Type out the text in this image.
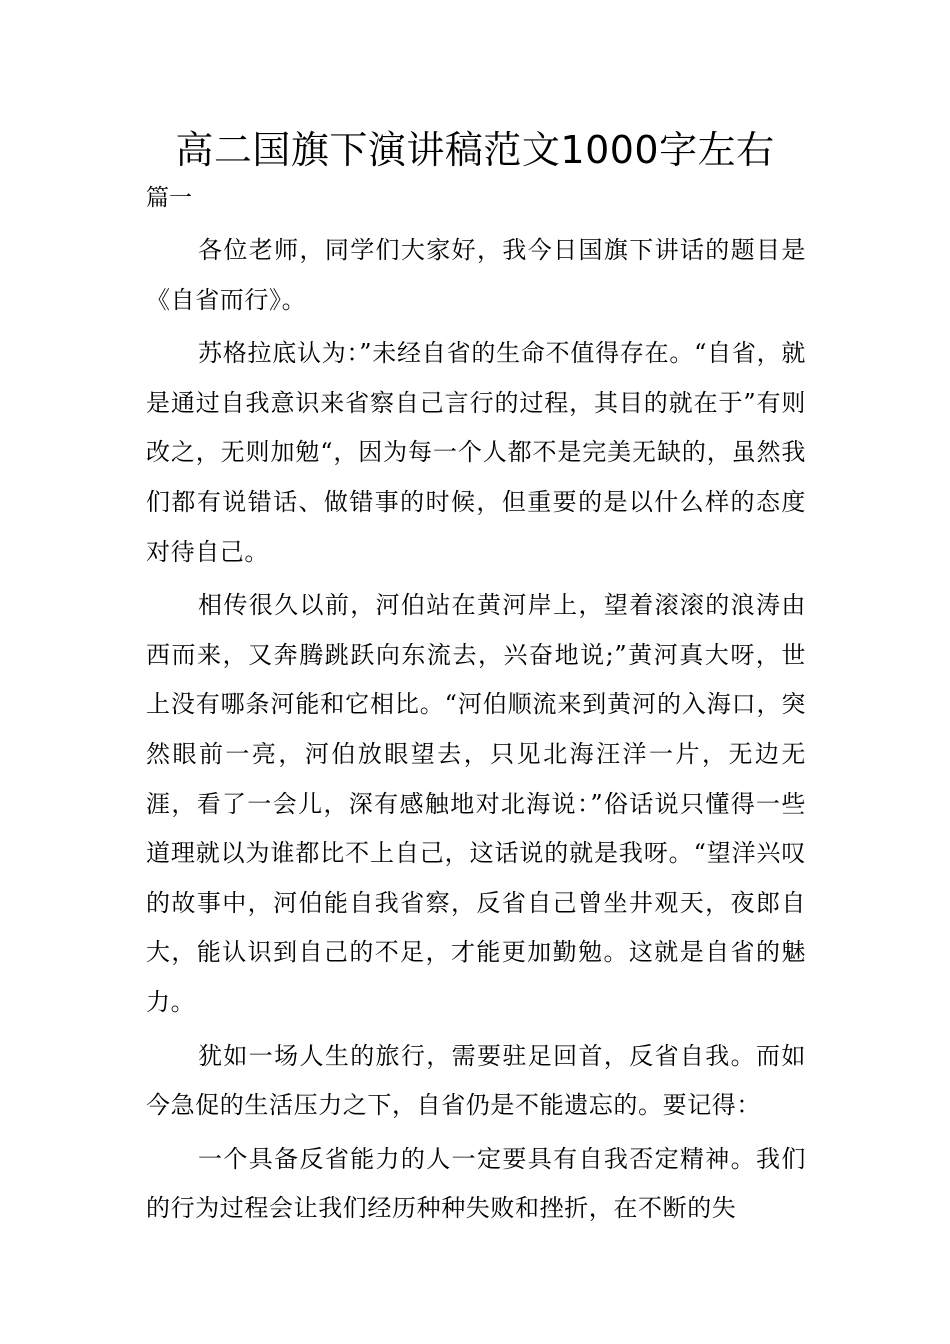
高二国旗下演讲稿范文1000字左右

篇一

各位老师，同学们大家好，我今日国旗下讲话的题目是《自省而行》。

苏格拉底认为：”未经自省的生命不值得存在。“自省，就是通过自我意识来省察自己言行的过程，其目的就在于”有则改之，无则加勉“，因为每一个人都不是完美无缺的，虽然我们都有说错话、做错事的时候，但重要的是以什么样的态度对待自己。

相传很久以前，河伯站在黄河岸上，望着滚滚的浪涛由西而来，又奔腾跳跃向东流去，兴奋地说;”黄河真大呀，世上没有哪条河能和它相比。“河伯顺流来到黄河的入海口，突然眼前一亮，河伯放眼望去，只见北海汪洋一片，无边无涯，看了一会儿，深有感触地对北海说：”俗话说只懂得一些道理就以为谁都比不上自己，这话说的就是我呀。“望洋兴叹的故事中，河伯能自我省察，反省自己曾坐井观天，夜郎自大，能认识到自己的不足，才能更加勤勉。这就是自省的魅力。

犹如一场人生的旅行，需要驻足回首，反省自我。而如今急促的生活压力之下，自省仍是不能遗忘的。要记得：

一个具备反省能力的人一定要具有自我否定精神。我们的行为过程会让我们经历种种失败和挫折，在不断的失
